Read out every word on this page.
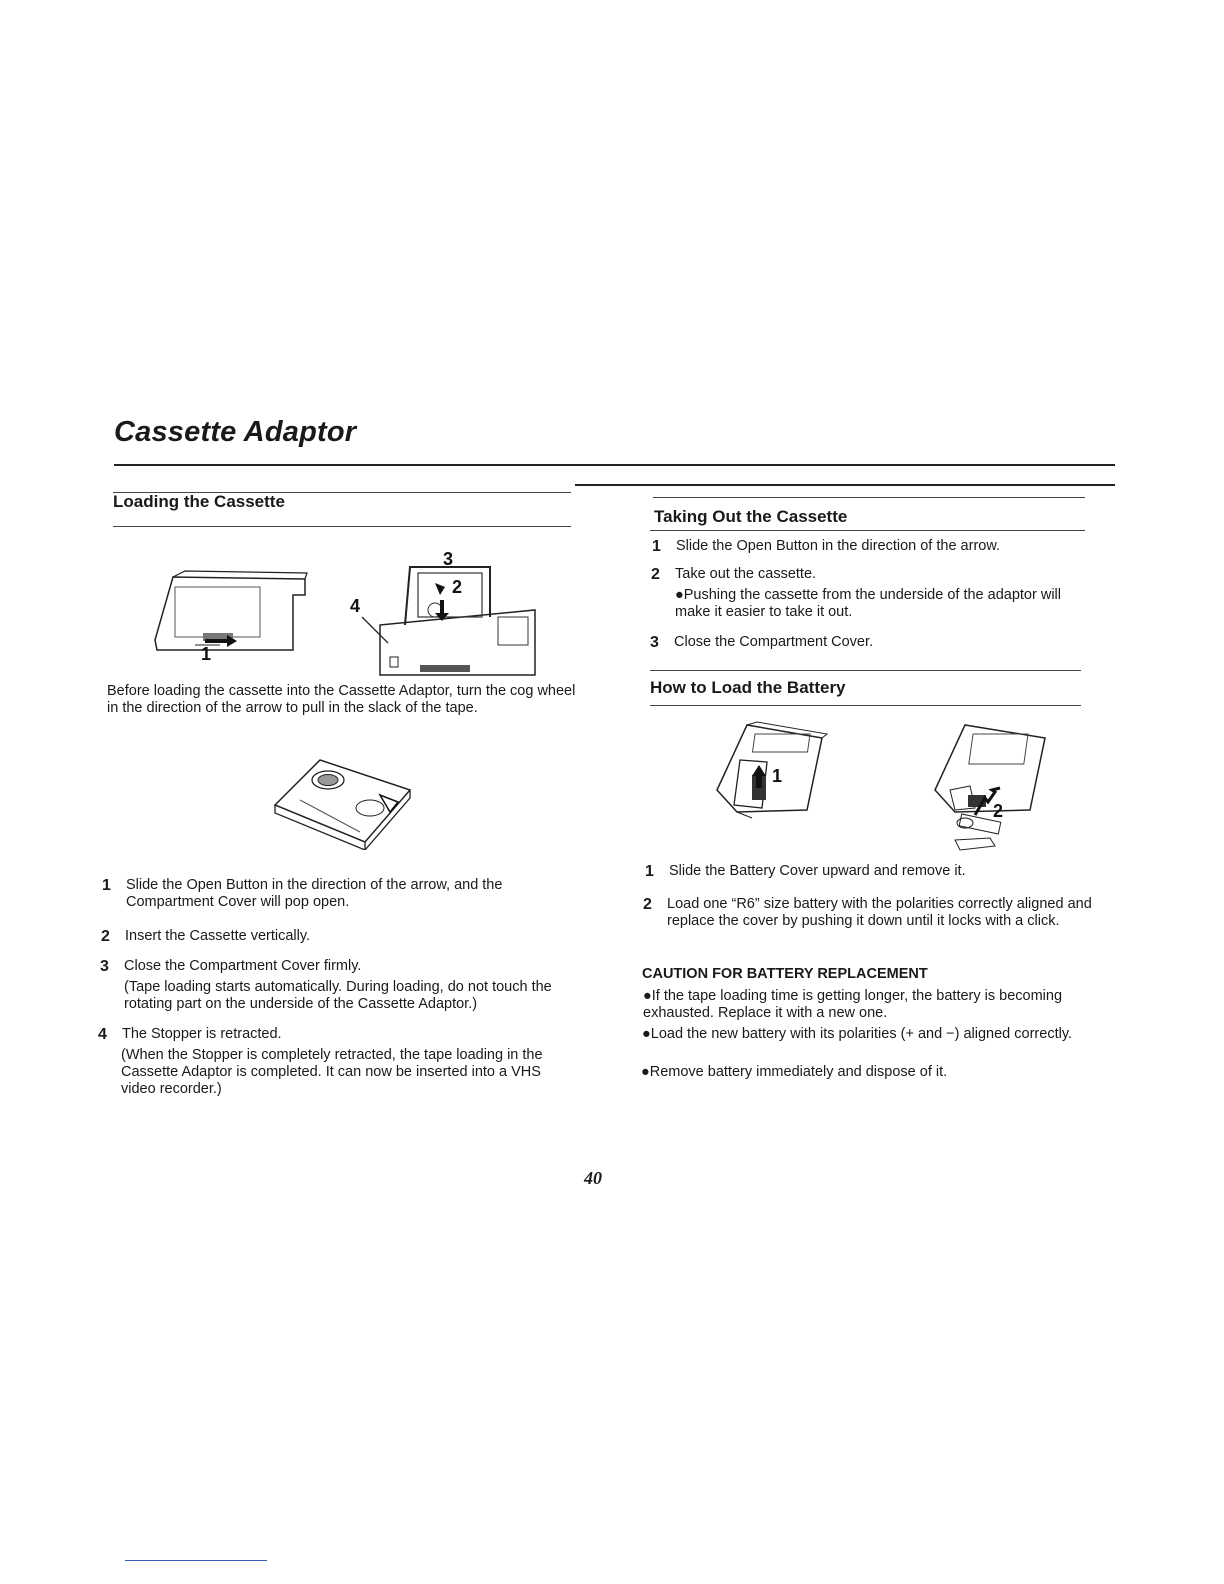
Cassette Adaptor
Loading the Cassette
1
3
4
2

Before loading the cassette into the Cassette Adaptor, turn the cog wheel in the direction of the arrow to pull in the slack of the tape.

1 Slide the Open Button in the direction of the arrow, and the Compartment Cover will pop open.
2 Insert the Cassette vertically.
3 Close the Compartment Cover firmly.
(Tape loading starts automatically. During loading, do not touch the rotating part on the underside of the Cassette Adaptor.)
4 The Stopper is retracted.
(When the Stopper is completely retracted, the tape loading in the Cassette Adaptor is completed. It can now be inserted into a VHS video recorder.)
Taking Out the Cassette
1 Slide the Open Button in the direction of the arrow.
2 Take out the cassette.
●Pushing the cassette from the underside of the adaptor will make it easier to take it out.
3 Close the Compartment Cover.
How to Load the Battery
1
2
1 Slide the Battery Cover upward and remove it.
2 Load one “R6” size battery with the polarities correctly aligned and replace the cover by pushing it down until it locks with a click.
CAUTION FOR BATTERY REPLACEMENT
●If the tape loading time is getting longer, the battery is becoming exhausted. Replace it with a new one.
●Load the new battery with its polarities (+ and −) aligned correctly.
●Remove battery immediately and dispose of it.
40
